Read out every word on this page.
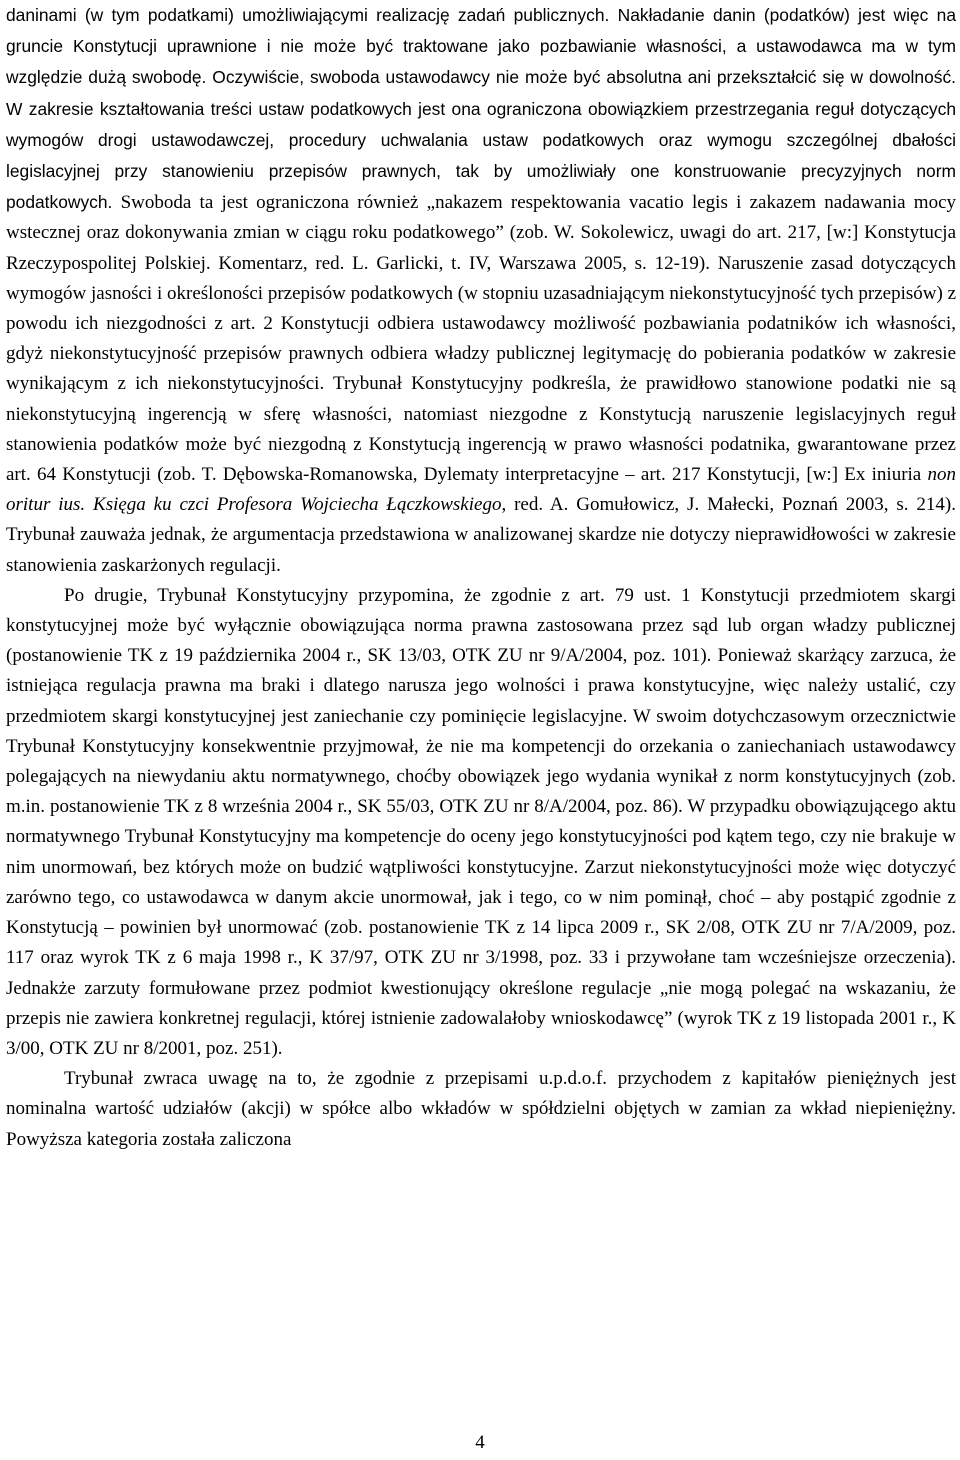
daninami (w tym podatkami) umożliwiającymi realizację zadań publicznych. Nakładanie danin (podatków) jest więc na gruncie Konstytucji uprawnione i nie może być traktowane jako pozbawianie własności, a ustawodawca ma w tym względzie dużą swobodę. Oczywiście, swoboda ustawodawcy nie może być absolutna ani przekształcić się w dowolność. W zakresie kształtowania treści ustaw podatkowych jest ona ograniczona obowiązkiem przestrzegania reguł dotyczących wymogów drogi ustawodawczej, procedury uchwalania ustaw podatkowych oraz wymogu szczególnej dbałości legislacyjnej przy stanowieniu przepisów prawnych, tak by umożliwiały one konstruowanie precyzyjnych norm podatkowych. Swoboda ta jest ograniczona również „nakazem respektowania vacatio legis i zakazem nadawania mocy wstecznej oraz dokonywania zmian w ciągu roku podatkowego” (zob. W. Sokolewicz, uwagi do art. 217, [w:] Konstytucja Rzeczypospolitej Polskiej. Komentarz, red. L. Garlicki, t. IV, Warszawa 2005, s. 12-19). Naruszenie zasad dotyczących wymogów jasności i określoności przepisów podatkowych (w stopniu uzasadniającym niekonstytucyjność tych przepisów) z powodu ich niezgodności z art. 2 Konstytucji odbiera ustawodawcy możliwość pozbawiania podatników ich własności, gdyż niekonstytucyjność przepisów prawnych odbiera władzy publicznej legitymację do pobierania podatków w zakresie wynikającym z ich niekonstytucyjności. Trybunał Konstytucyjny podkreśla, że prawidłowo stanowione podatki nie są niekonstytucyjną ingerencją w sferę własności, natomiast niezgodne z Konstytucją naruszenie legislacyjnych reguł stanowienia podatków może być niezgodną z Konstytucją ingerencją w prawo własności podatnika, gwarantowane przez art. 64 Konstytucji (zob. T. Dębowska-Romanowska, Dylematy interpretacyjne – art. 217 Konstytucji, [w:] Ex iniuria non oritur ius. Księga ku czci Profesora Wojciecha Łączkowskiego, red. A. Gomułowicz, J. Małecki, Poznań 2003, s. 214). Trybunał zauważa jednak, że argumentacja przedstawiona w analizowanej skardze nie dotyczy nieprawidłowości w zakresie stanowienia zaskarżonych regulacji.

Po drugie, Trybunał Konstytucyjny przypomina, że zgodnie z art. 79 ust. 1 Konstytucji przedmiotem skargi konstytucyjnej może być wyłącznie obowiązująca norma prawna zastosowana przez sąd lub organ władzy publicznej (postanowienie TK z 19 października 2004 r., SK 13/03, OTK ZU nr 9/A/2004, poz. 101). Ponieważ skarżący zarzuca, że istniejąca regulacja prawna ma braki i dlatego narusza jego wolności i prawa konstytucyjne, więc należy ustalić, czy przedmiotem skargi konstytucyjnej jest zaniechanie czy pominięcie legislacyjne. W swoim dotychczasowym orzecznictwie Trybunał Konstytucyjny konsekwentnie przyjmował, że nie ma kompetencji do orzekania o zaniechaniach ustawodawcy polegających na niewydaniu aktu normatywnego, choćby obowiązek jego wydania wynikał z norm konstytucyjnych (zob. m.in. postanowienie TK z 8 września 2004 r., SK 55/03, OTK ZU nr 8/A/2004, poz. 86). W przypadku obowiązującego aktu normatywnego Trybunał Konstytucyjny ma kompetencje do oceny jego konstytucyjności pod kątem tego, czy nie brakuje w nim unormowań, bez których może on budzić wątpliwości konstytucyjne. Zarzut niekonstytucyjności może więc dotyczyć zarówno tego, co ustawodawca w danym akcie unormował, jak i tego, co w nim pominął, choć – aby postąpić zgodnie z Konstytucją – powinien był unormować (zob. postanowienie TK z 14 lipca 2009 r., SK 2/08, OTK ZU nr 7/A/2009, poz. 117 oraz wyrok TK z 6 maja 1998 r., K 37/97, OTK ZU nr 3/1998, poz. 33 i przywołane tam wcześniejsze orzeczenia). Jednakże zarzuty formułowane przez podmiot kwestionujący określone regulacje „nie mogą polegać na wskazaniu, że przepis nie zawiera konkretnej regulacji, której istnienie zadowalałoby wnioskodawcę” (wyrok TK z 19 listopada 2001 r., K 3/00, OTK ZU nr 8/2001, poz. 251).

Trybunał zwraca uwagę na to, że zgodnie z przepisami u.p.d.o.f. przychodem z kapitałów pieniężnych jest nominalna wartość udziałów (akcji) w spółce albo wkładów w spółdzielni objętych w zamian za wkład niepieniężny. Powyższa kategoria została zaliczona

4
